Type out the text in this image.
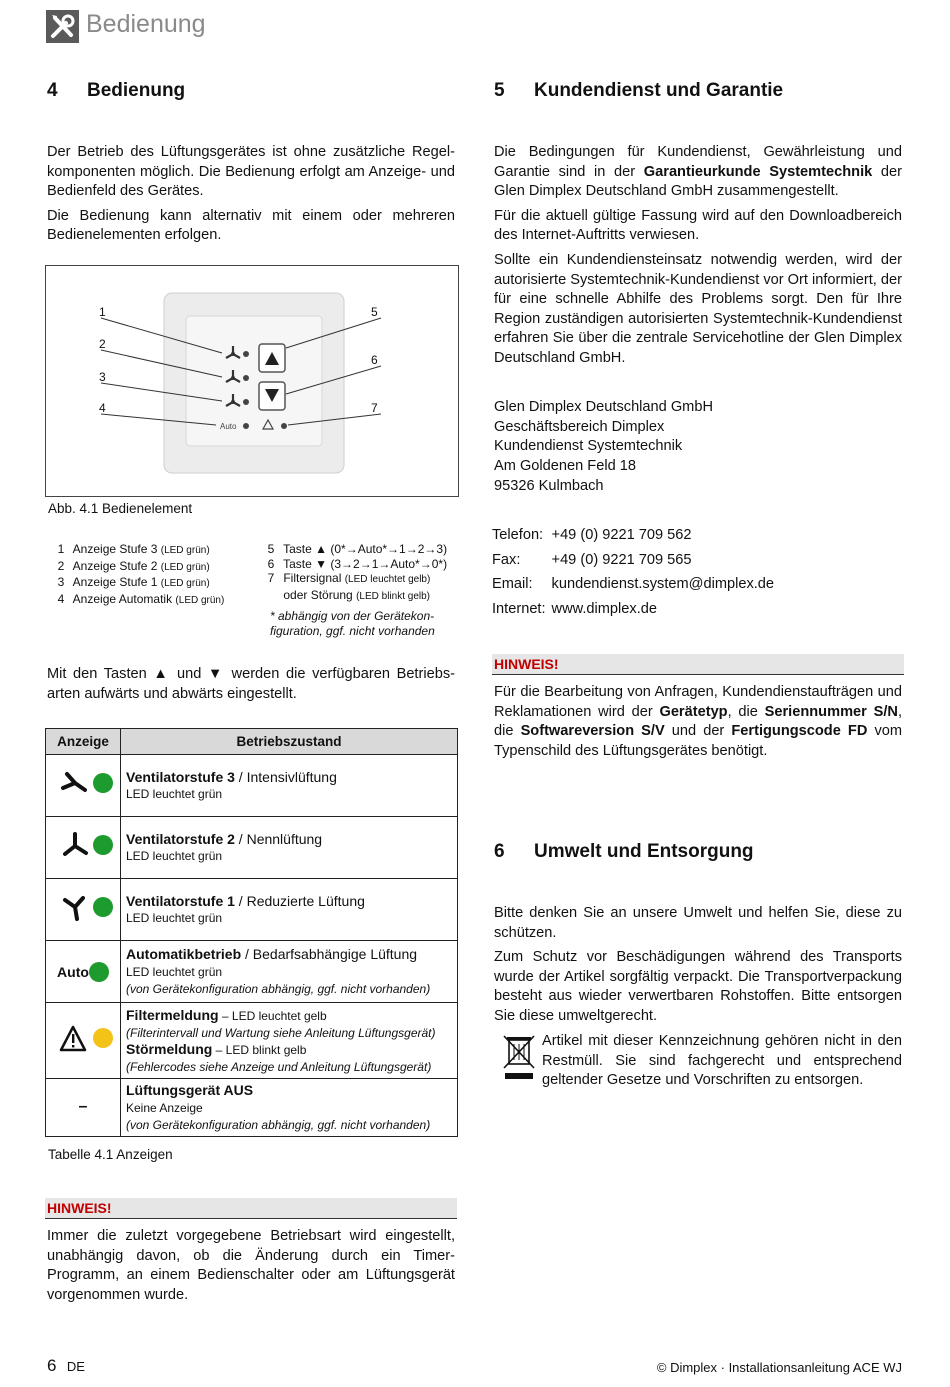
Bedienung
4 Bedienung

Der Betrieb des Lüftungsgerätes ist ohne zusätzliche Regelkomponenten möglich. Die Bedienung erfolgt am Anzeige- und Bedienfeld des Gerätes.

Die Bedienung kann alternativ mit einem oder mehreren Bedienelementen erfolgen.

Auto
1
2
3
4
5
6
7
Abb. 4.1 Bedienelement
1 Anzeige Stufe 3 (LED grün)
2 Anzeige Stufe 2 (LED grün)
3 Anzeige Stufe 1 (LED grün)
4 Anzeige Automatik (LED grün)
5 Taste ▲ (0*→Auto*→1→2→3)
6 Taste ▼ (3→2→1→Auto*→0*)
7 Filtersignal (LED leuchtet gelb)
oder Störung (LED blinkt gelb)
* abhängig von der Gerätekonfiguration, ggf. nicht vorhanden

Mit den Tasten ▲ und ▼ werden die verfügbaren Betriebsarten aufwärts und abwärts eingestellt.

Anzeige	Betriebszustand
	Ventilatorstufe 3 / Intensivlüftung
LED leuchtet grün
	Ventilatorstufe 2 / Nennlüftung
LED leuchtet grün
	Ventilatorstufe 1 / Reduzierte Lüftung
LED leuchtet grün
Auto	Automatikbetrieb / Bedarfsabhängige Lüftung
LED leuchtet grün
(von Gerätekonfiguration abhängig, ggf. nicht vorhanden)
	Filtermeldung – LED leuchtet gelb
(Filterintervall und Wartung siehe Anleitung Lüftungsgerät)
Störmeldung – LED blinkt gelb
(Fehlercodes siehe Anzeige und Anleitung Lüftungsgerät)
–	Lüftungsgerät AUS
Keine Anzeige
(von Gerätekonfiguration abhängig, ggf. nicht vorhanden)
Tabelle 4.1 Anzeigen
HINWEIS!

Immer die zuletzt vorgegebene Betriebsart wird eingestellt, unabhängig davon, ob die Änderung durch ein Timer-Programm, an einem Bedienschalter oder am Lüftungsgerät vorgenommen wurde.

5 Kundendienst und Garantie

Die Bedingungen für Kundendienst, Gewährleistung und Garantie sind in der Garantieurkunde Systemtechnik der Glen Dimplex Deutschland GmbH zusammengestellt.

Für die aktuell gültige Fassung wird auf den Downloadbereich des Internet-Auftritts verwiesen.

Sollte ein Kundendiensteinsatz notwendig werden, wird der autorisierte Systemtechnik-Kundendienst vor Ort informiert, der für eine schnelle Abhilfe des Problems sorgt. Den für Ihre Region zuständigen autorisierten Systemtechnik-Kundendienst erfahren Sie über die zentrale Servicehotline der Glen Dimplex Deutschland GmbH.

Glen Dimplex Deutschland GmbH
Geschäftsbereich Dimplex
Kundendienst Systemtechnik
Am Goldenen Feld 18
95326 Kulmbach
Telefon:	+49 (0) 9221 709 562
Fax:	+49 (0) 9221 709 565
Email:	kundendienst.system@dimplex.de
Internet:	www.dimplex.de
HINWEIS!

Für die Bearbeitung von Anfragen, Kundendienstaufträgen und Reklamationen wird der Gerätetyp, die Seriennummer S/N, die Softwareversion S/V und der Fertigungscode FD vom Typenschild des Lüftungsgerätes benötigt.

6 Umwelt und Entsorgung

Bitte denken Sie an unsere Umwelt und helfen Sie, diese zu schützen.

Zum Schutz vor Beschädigungen während des Transports wurde der Artikel sorgfältig verpackt. Die Transportverpackung besteht aus wieder verwertbaren Rohstoffen. Bitte entsorgen Sie diese umweltgerecht.

Artikel mit dieser Kennzeichnung gehören nicht in den Restmüll. Sie sind fachgerecht und entsprechend geltender Gesetze und Vorschriften zu entsorgen.

6 DE	© Dimplex · Installationsanleitung ACE WJ
